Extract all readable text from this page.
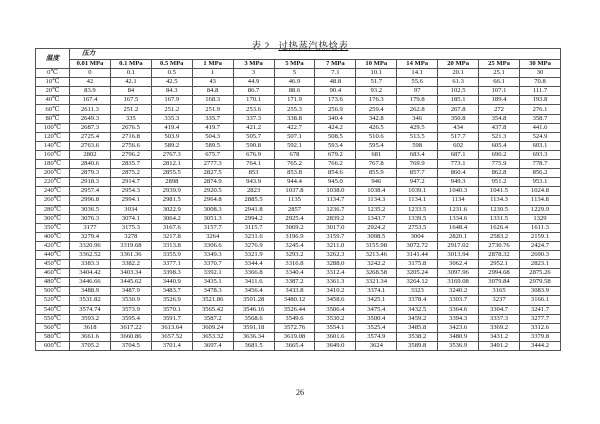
表 2 过热蒸汽热焓表
温度	压力											
	0.01 MPa	0.1 MPa	0.5 MPa	1 MPa	3 MPa	5 MPa	7 MPa	10 MPa	14 MPa	20 MPa	25 MPa	30 MPa
0℃	0	0.1	0.5	1	3	5	7.1	10.1	14.1	20.1	25.1	30
10℃	42	42.1	42.5	43	44.9	46.9	48.8	51.7	55.6	61.3	66.1	70.8
20℃	83.9	84	84.3	84.8	86.7	88.6	90.4	93.2	97	102.5	107.1	111.7
40℃	167.4	167.5	167.9	168.3	170.1	171.9	173.6	176.3	179.8	185.1	189.4	193.8
60℃	2611.3	251.2	251.2	251.9	253.6	255.3	256.9	259.4	262.8	267.8	272	276.1
80℃	2649.3	335	335.3	335.7	337.3	338.8	340.4	342.8	346	350.8	354.8	358.7
100℃	2687.3	2676.5	419.4	419.7	421.2	422.7	424.2	426.5	429.5	434	437.8	441.6
120℃	2725.4	2716.8	503.9	504.3	505.7	507.1	508.5	510.6	513.5	517.7	521.3	524.9
140℃	2763.6	2756.6	589.2	589.5	590.8	592.1	593.4	595.4	598	602	605.4	603.1
160℃	2802	2796.2	2767.3	675.7	676.9	678	679.2	681	683.4	687.1	690.2	693.3
180℃	2840.6	2835.7	2812.1	2777.3	764.1	765.2	766.2	767.8	769.9	773.1	775.9	778.7
200℃	2879.3	2875.2	2855.5	2827.5	853	853.8	854.6	855.9	857.7	860.4	862.8	856.2
220℃	2918.3	2914.7	2898	2874.9	943.9	944.4	945.0	946	947.2	949.3	951.2	953.1
240℃	2957.4	2954.3	2939.9	2920.5	2823	1037.8	1038.0	1038.4	1039.1	1040.3	1041.5	1024.8
260℃	2996.8	2994.1	2981.5	2964.8	2885.5	1135	1134.7	1134.3	1134.1	1134	1134.3	1134.8
280℃	3036.5	3034	3022.9	3008.3	2941.8	2857	1236.7	1235.2	1233.5	1231.6	1230.5	1229.9
300℃	3076.3	3074.1	3064.2	3051.3	2994.2	2925.4	2839.2	1343.7	1339.5	1334.6	1331.5	1329
350℃	3177	3175.3	3167.6	3157.7	3115.7	3069.2	3017.0	2924.2	2753.5	1648.4	1626.4	1611.3
400℃	3279.4	3278	3217.8	3264	3231.6	3196.9	3159.7	3098.5	3004	2820.1	2583.2	2159.1
420℃	3320.96	3319.68	3313.8	3306.6	3276.9	3245.4	3211.0	3155.98	3072.72	2917.02	2730.76	2424.7
440℃	3362.52	3361.36	3355.9	3349.3	3321.9	3293.2	3262.3	3213.46	3141.44	3013.94	2878.32	2690.3
450℃	3383.3	3382.2	3377.1	3370.7	3344.4	3316.8	3288.0	3242.2	3175.8	3062.4	2952.1	2823.1
460℃	3404.42	3403.34	3398.3	3392.1	3366.8	3340.4	3312.4	3268.58	3205.24	3097.96	2994.68	2875.26
480℃	3446.66	3445.62	3440.9	3435.1	3411.6	3387.2	3361.3	3321.34	3264.12	3169.08	3079.84	2979.58
500℃	3488.9	3487.9	3483.7	3478.3	3456.4	3433.8	3410.2	3374.1	3323	3240.2	3165	3083.9
520℃	3531.82	3530.9	3526.9	3521.86	3501.28	3480.12	3458.6	3425.1	3378.4	3303.7	3237	3166.1
540℃	3574.74	3573.9	3570.1	3565.42	3546.16	3526.44	3506.4	3475.4	3432.5	3364.6	3304.7	3241.7
550℃	3593.2	3595.4	3591.7	3587.2	3568.6	3549.6	3530.2	3500.4	3459.2	3394.3	3337.3	3277.7
560℃	3618	3617.22	3613.64	3609.24	3591.18	3572.76	3554.1	3525.4	3485.8	3423.6	3369.2	3312.6
580℃	3661.6	3660.86	3657.52	3653.32	3636.34	3619.08	3601.6	3574.9	3538.2	3480.9	3431.2	3379.8
600℃	3705.2	3704.5	3701.4	3697.4	3681.5	3665.4	3649.0	3624	3589.8	3536.9	3491.2	3444.2
26
